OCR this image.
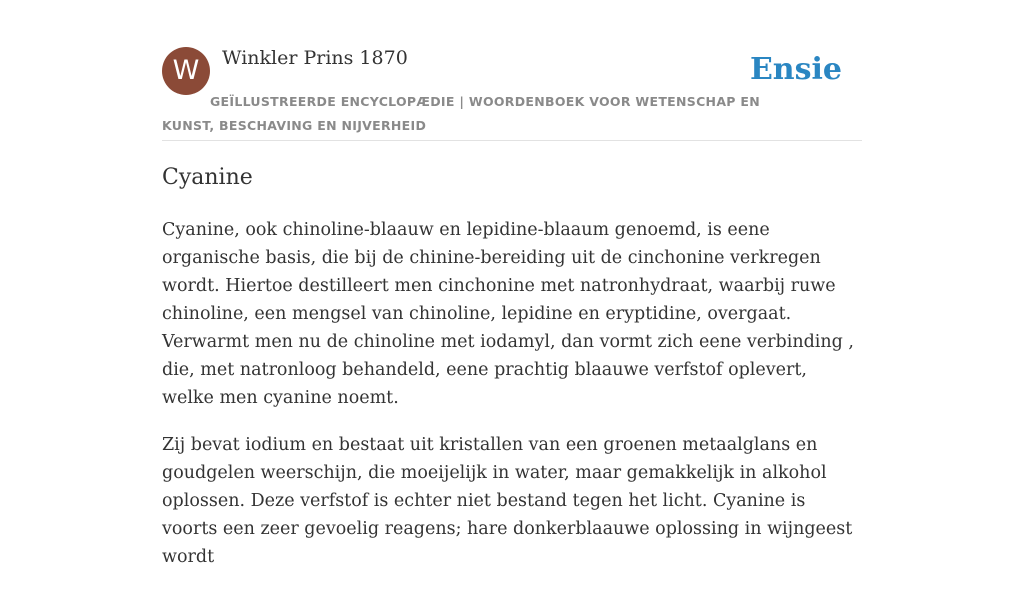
W	Winkler Prins 1870	Ensie
GEÏLLUSTREERDE ENCYCLOPÆDIE | WOORDENBOEK VOOR WETENSCHAP EN KUNST, BESCHAVING EN NIJVERHEID
Cyanine

Cyanine, ook chinoline-blaauw en lepidine-blaaum genoemd, is eene organische basis, die bij de chinine-bereiding uit de cinchonine verkregen wordt. Hiertoe destilleert men cinchonine met natronhydraat, waarbij ruwe chinoline, een mengsel van chinoline, lepidine en eryptidine, overgaat. Verwarmt men nu de chinoline met iodamyl, dan vormt zich eene verbinding , die, met natronloog behandeld, eene prachtig blaauwe verfstof oplevert, welke men cyanine noemt.

Zij bevat iodium en bestaat uit kristallen van een groenen metaalglans en goudgelen weerschijn, die moeijelijk in water, maar gemakkelijk in alkohol oplossen. Deze verfstof is echter niet bestand tegen het licht. Cyanine is voorts een zeer gevoelig reagens; hare donkerblaauwe oplossing in wijngeest wordt
